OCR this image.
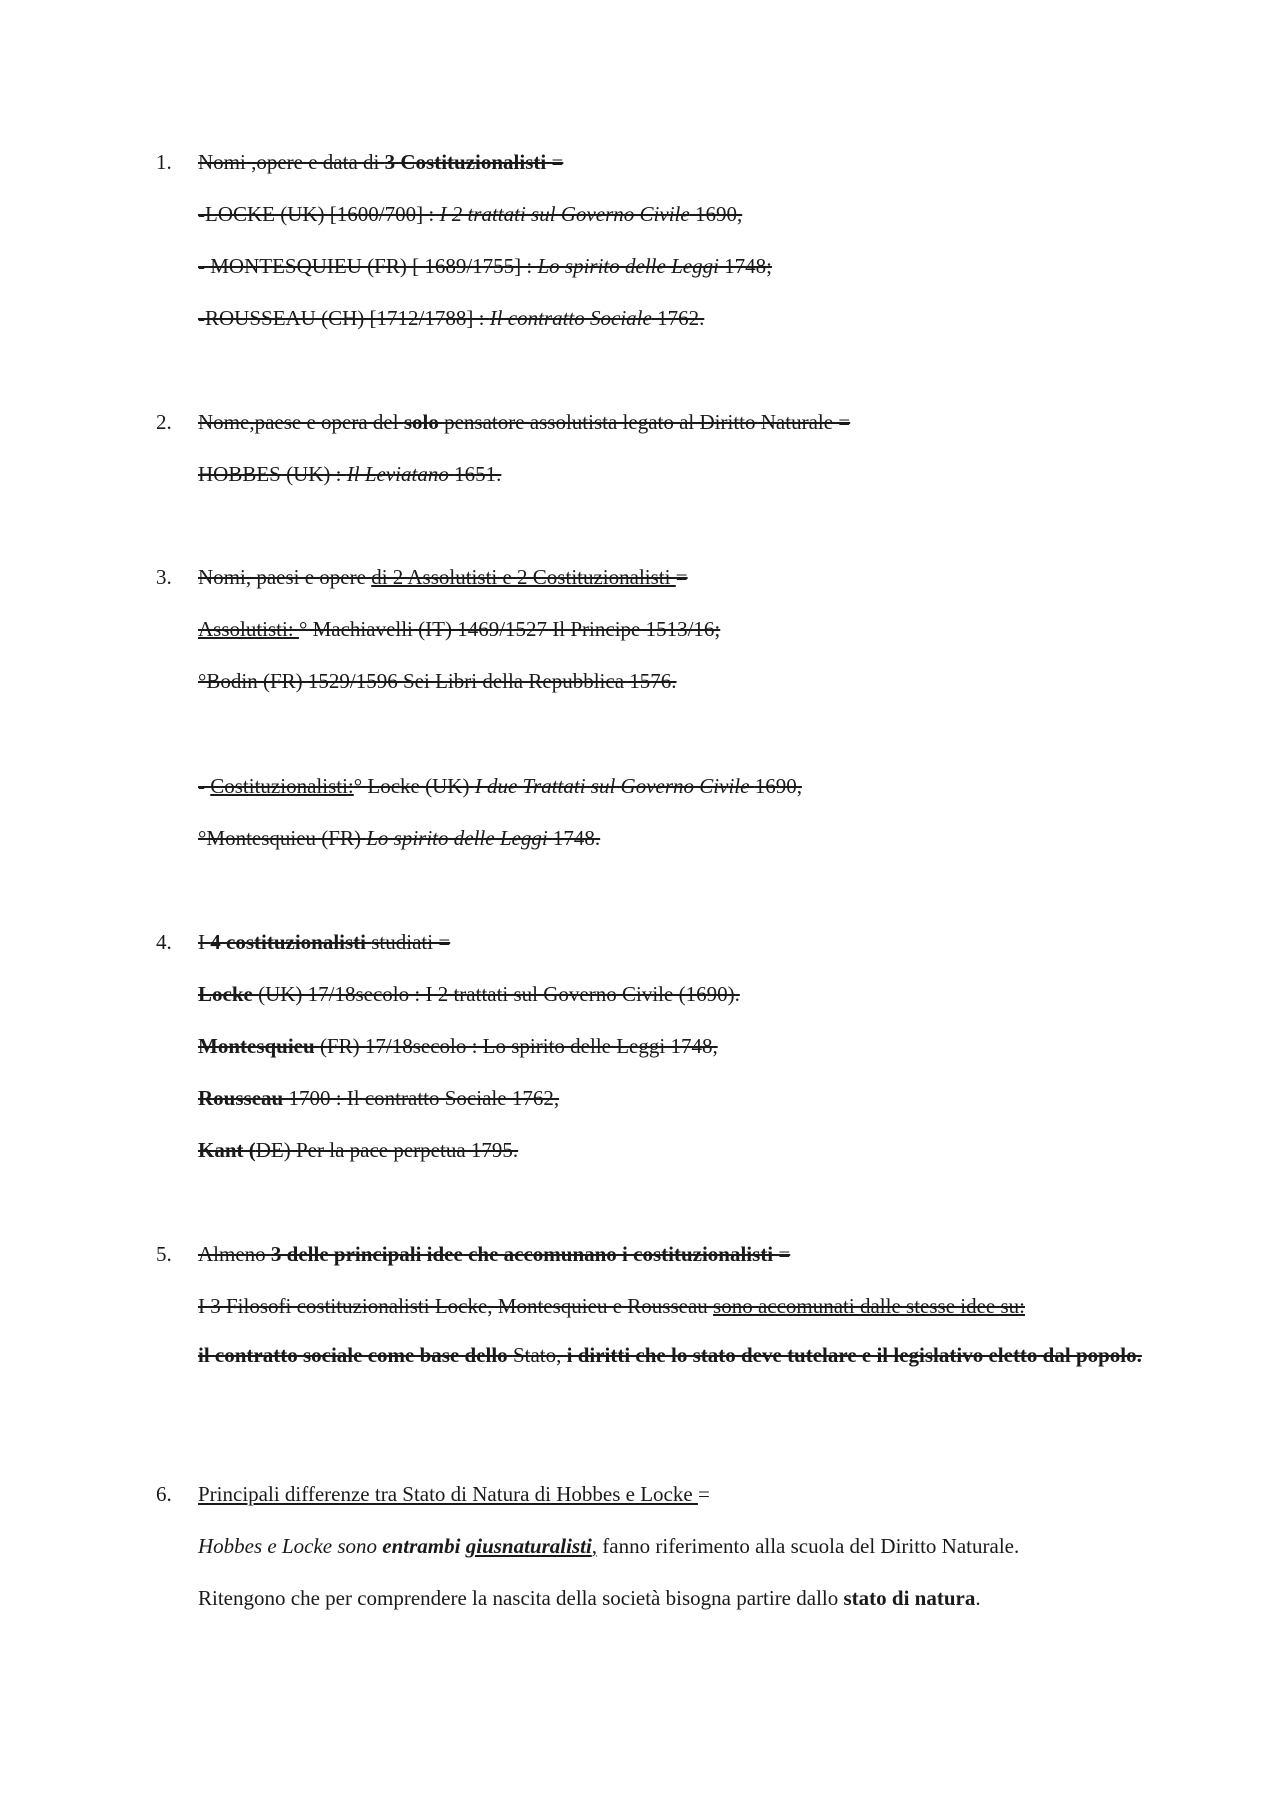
1. Nomi ,opere e data di 3 Costituzionalisti =
-LOCKE (UK) [1600/700] : I 2 trattati sul Governo Civile 1690,
- MONTESQUIEU (FR) [ 1689/1755] : Lo spirito delle Leggi 1748;
-ROUSSEAU (CH) [1712/1788] : Il contratto Sociale 1762.
2. Nome,paese e opera del solo pensatore assolutista legato al Diritto Naturale =
HOBBES (UK) : Il Leviatano 1651.
3. Nomi, paesi e opere di 2 Assolutisti e 2 Costituzionalisti =
Assolutisti: ° Machiavelli (IT) 1469/1527 Il Principe 1513/16;
°Bodin (FR) 1529/1596 Sei Libri della Repubblica 1576.
- Costituzionalisti:° Locke (UK) I due Trattati sul Governo Civile 1690,
°Montesquieu (FR) Lo spirito delle Leggi 1748.
4. I 4 costituzionalisti studiati =
Locke (UK) 17/18secolo : I 2 trattati sul Governo Civile (1690).
Montesquieu (FR) 17/18secolo : Lo spirito delle Leggi 1748,
Rousseau 1700 : Il contratto Sociale 1762,
Kant (DE) Per la pace perpetua 1795.
5. Almeno 3 delle principali idee che accomunano i costituzionalisti =
I 3 Filosofi costituzionalisti Locke, Montesquieu e Rousseau sono accomunati dalle stesse idee su:
il contratto sociale come base dello Stato, i diritti che lo stato deve tutelare e il legislativo eletto dal popolo.
6. Principali differenze tra Stato di Natura di Hobbes e Locke =
Hobbes e Locke sono entrambi giusnaturalisti, fanno riferimento alla scuola del Diritto Naturale.
Ritengono che per comprendere la nascita della società bisogna partire dallo stato di natura.
